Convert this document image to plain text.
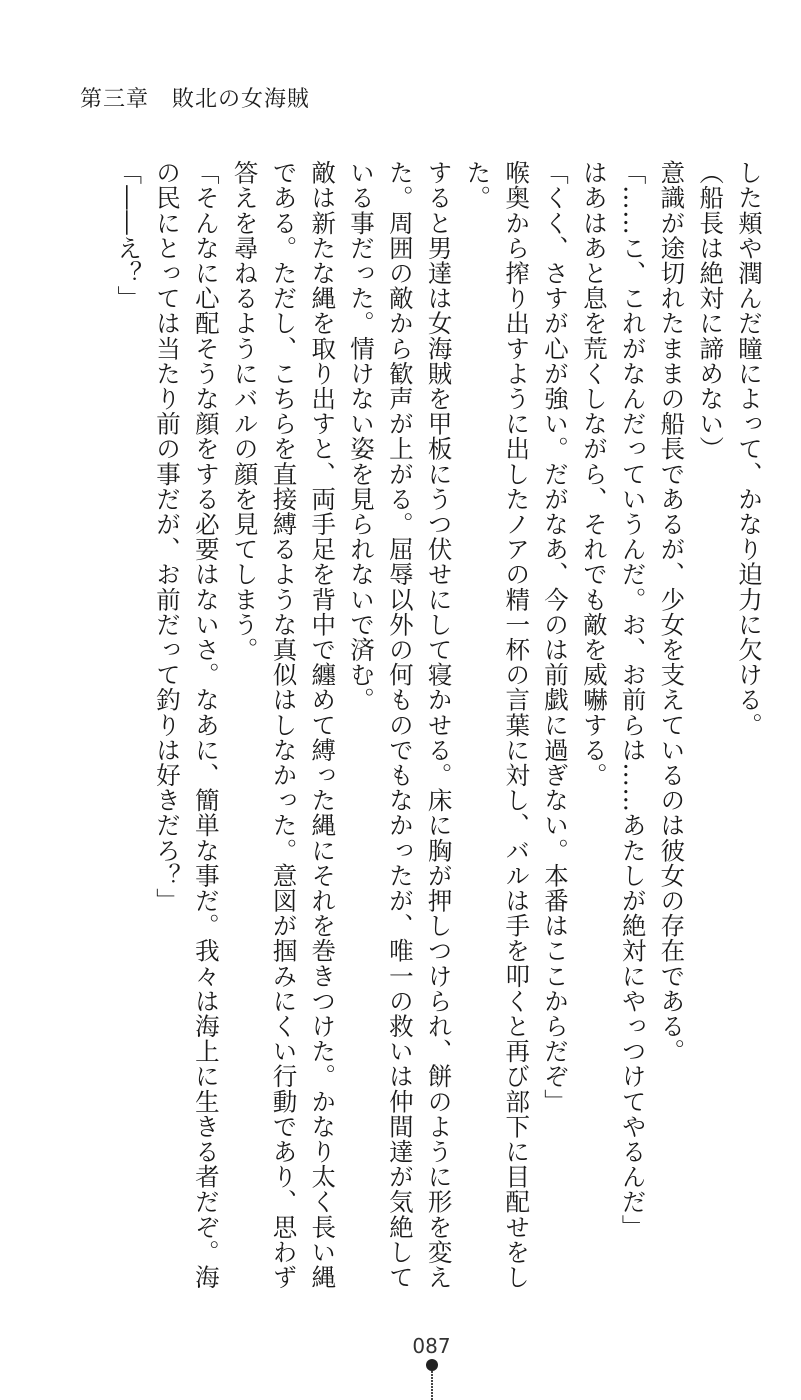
第三章　敗北の女海賊

した頬や潤んだ瞳によって、かなり迫力に欠ける。

（船長は絶対に諦めない）

意識が途切れたままの船長であるが、少女を支えているのは彼女の存在である。

「……こ、これがなんだっていうんだ。お、お前らは……あたしが絶対にやっつけてやるんだ」

はあはあと息を荒くしながら、それでも敵を威嚇する。

「くく、さすが心が強い。だがなあ、今のは前戯に過ぎない。本番はここからだぞ」

喉奥から搾り出すように出したノアの精一杯の言葉に対し、バルは手を叩くと再び部下に目配せをした。

すると男達は女海賊を甲板にうつ伏せにして寝かせる。床に胸が押しつけられ、餅のように形を変えた。周囲の敵から歓声が上がる。屈辱以外の何ものでもなかったが、唯一の救いは仲間達が気絶している事だった。情けない姿を見られないで済む。

敵は新たな縄を取り出すと、両手足を背中で纏めて縛った縄にそれを巻きつけた。かなり太く長い縄である。ただし、こちらを直接縛るような真似はしなかった。意図が掴みにくい行動であり、思わず答えを尋ねるようにバルの顔を見てしまう。

「そんなに心配そうな顔をする必要はないさ。なあに、簡単な事だ。我々は海上に生きる者だぞ。海の民にとっては当たり前の事だが、お前だって釣りは好きだろ？」

「――え？」

087
